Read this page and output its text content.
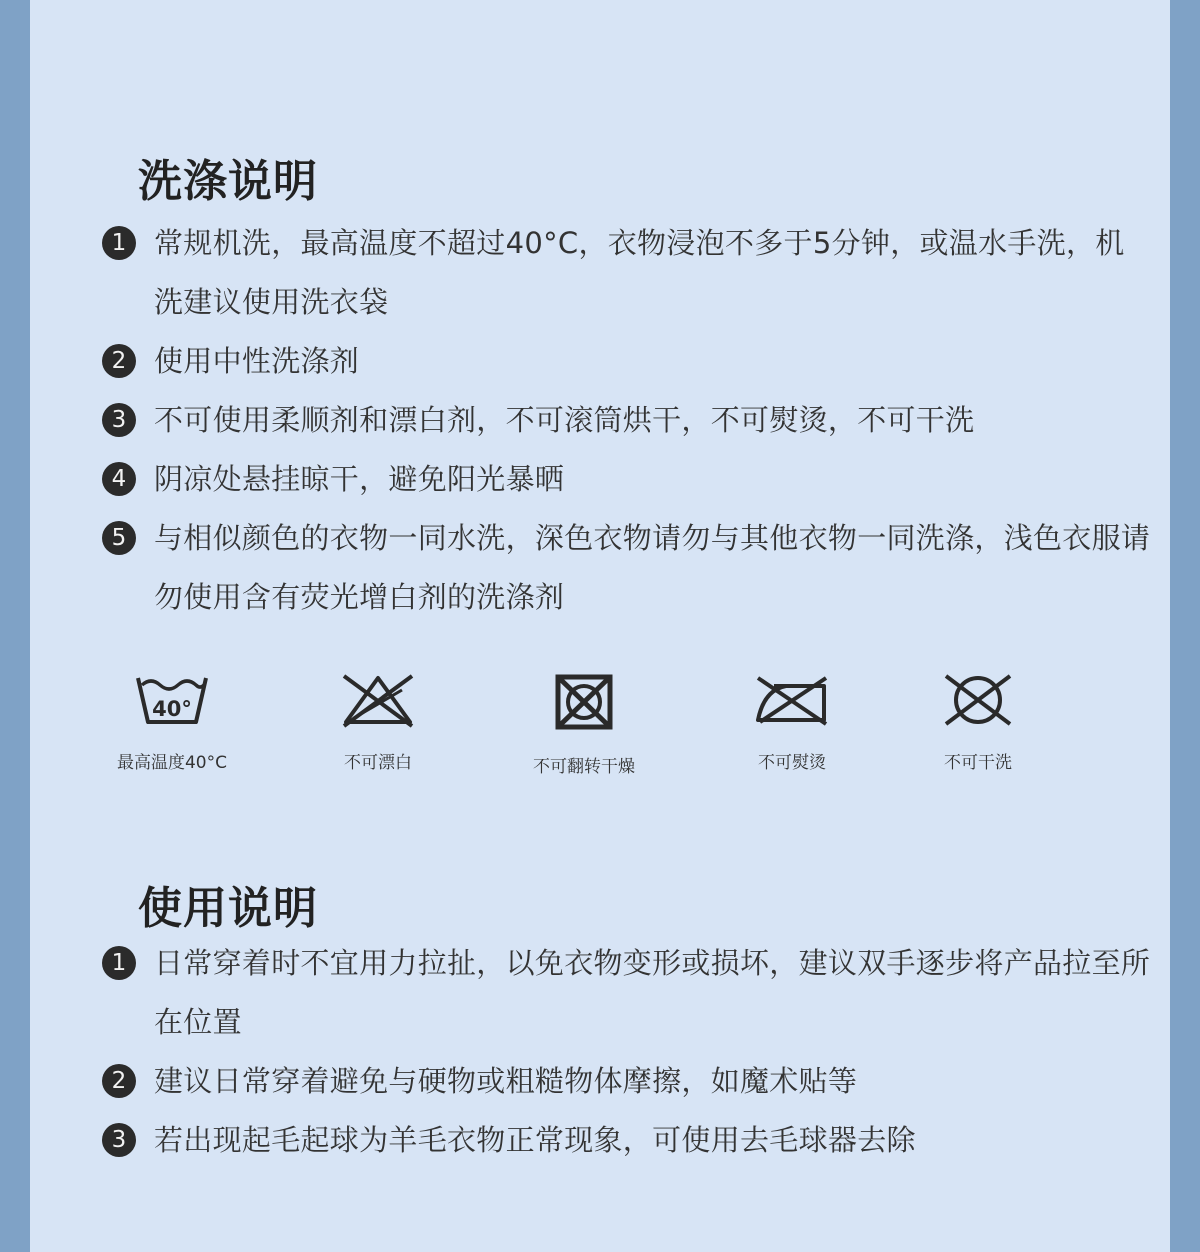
洗涤说明
1 常规机洗，最高温度不超过40°C，衣物浸泡不多于5分钟，或温水手洗，机洗建议使用洗衣袋
2 使用中性洗涤剂
3 不可使用柔顺剂和漂白剂，不可滚筒烘干，不可熨烫，不可干洗
4 阴凉处悬挂晾干，避免阳光暴晒
5 与相似颜色的衣物一同水洗，深色衣物请勿与其他衣物一同洗涤，浅色衣服请勿使用含有荧光增白剂的洗涤剂
40°
最高温度40°C	不可漂白	不可翻转干燥	不可熨烫	不可干洗
使用说明
1 日常穿着时不宜用力拉扯，以免衣物变形或损坏，建议双手逐步将产品拉至所在位置
2 建议日常穿着避免与硬物或粗糙物体摩擦，如魔术贴等
3 若出现起毛起球为羊毛衣物正常现象，可使用去毛球器去除
